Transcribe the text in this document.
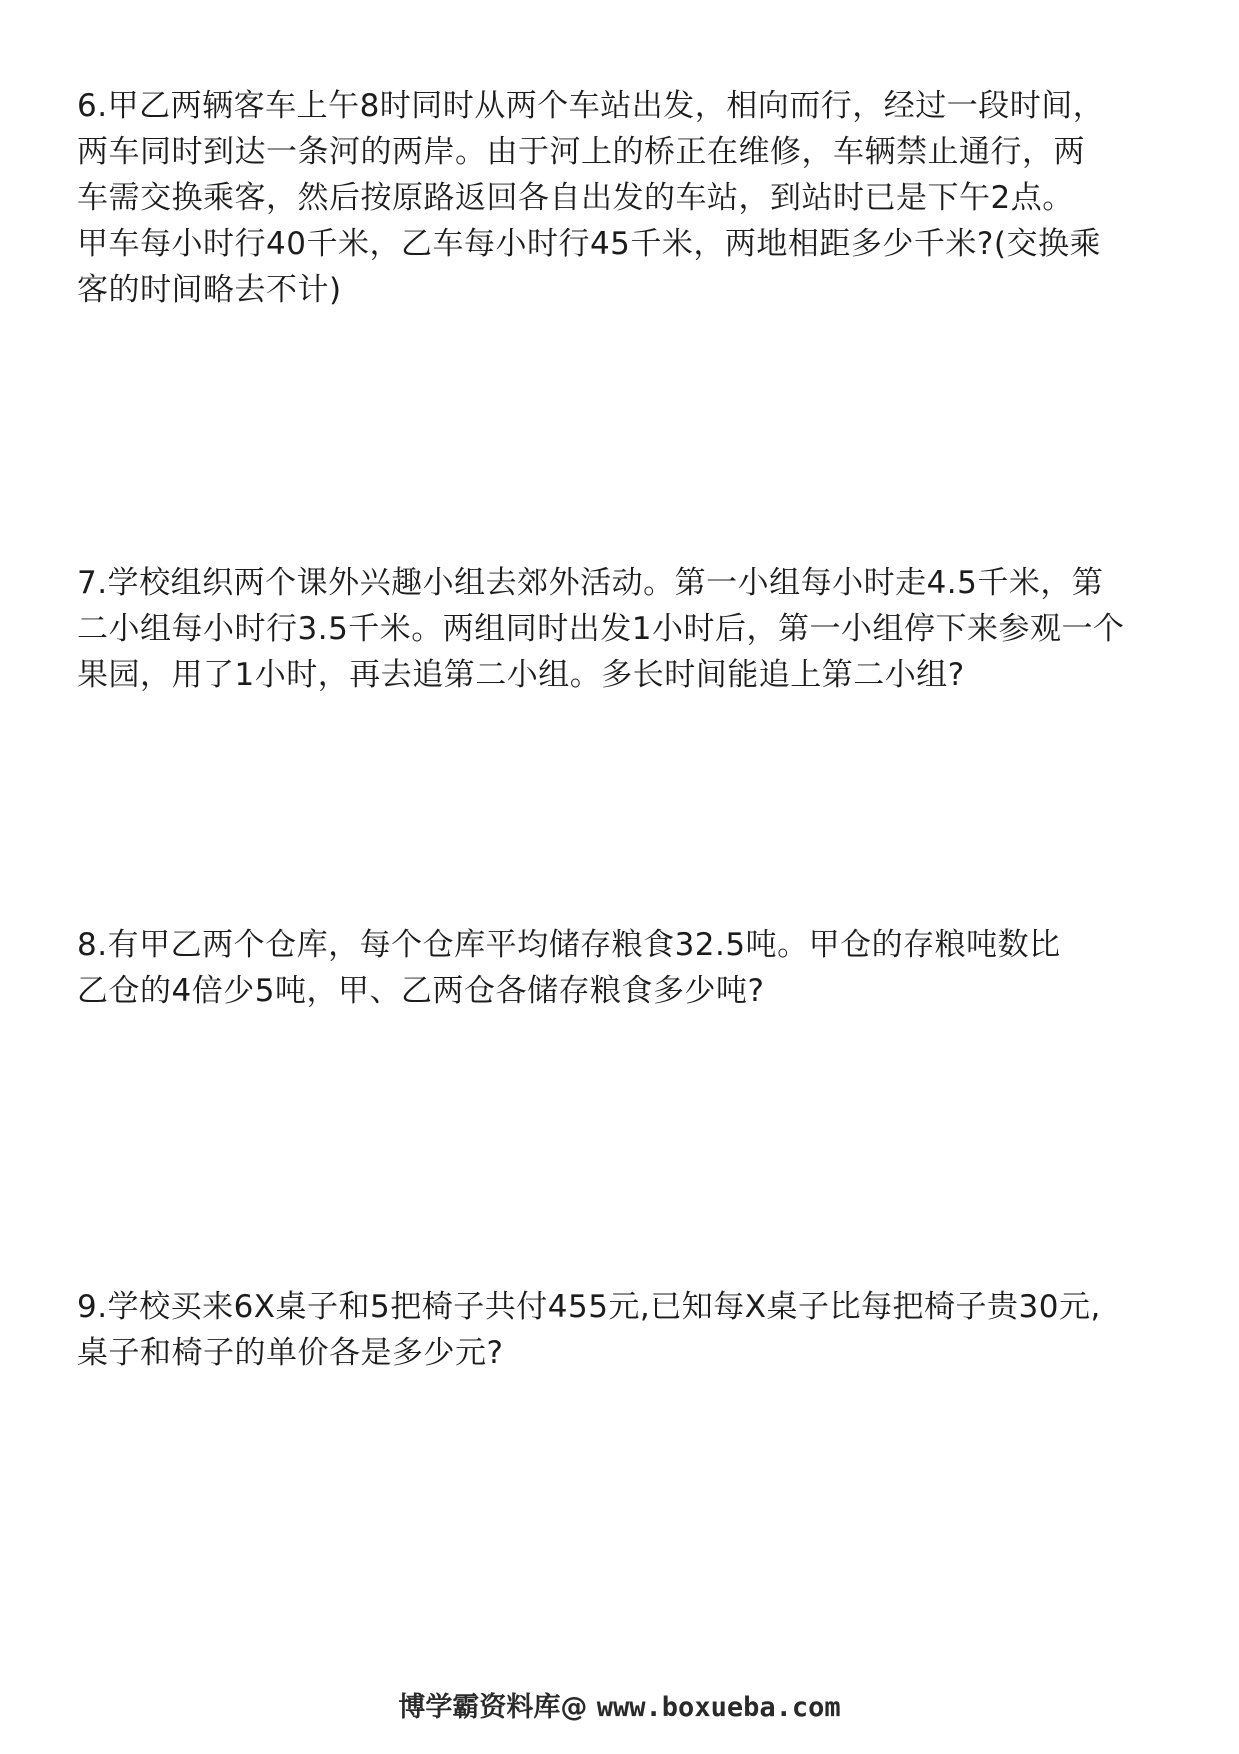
6.甲乙两辆客车上午8时同时从两个车站出发，相向而行，经过一段时间，
两车同时到达一条河的两岸。由于河上的桥正在维修，车辆禁止通行，两
车需交换乘客，然后按原路返回各自出发的车站，到站时已是下午2点。
甲车每小时行40千米，乙车每小时行45千米，两地相距多少千米?(交换乘
客的时间略去不计)
7.学校组织两个课外兴趣小组去郊外活动。第一小组每小时走4.5千米，第
二小组每小时行3.5千米。两组同时出发1小时后，第一小组停下来参观一个
果园，用了1小时，再去追第二小组。多长时间能追上第二小组?
8.有甲乙两个仓库，每个仓库平均储存粮食32.5吨。甲仓的存粮吨数比
乙仓的4倍少5吨，甲、乙两仓各储存粮食多少吨?
9.学校买来6X桌子和5把椅子共付455元,已知每X桌子比每把椅子贵30元,
桌子和椅子的单价各是多少元?
博学霸资料库@ www.boxueba.com
